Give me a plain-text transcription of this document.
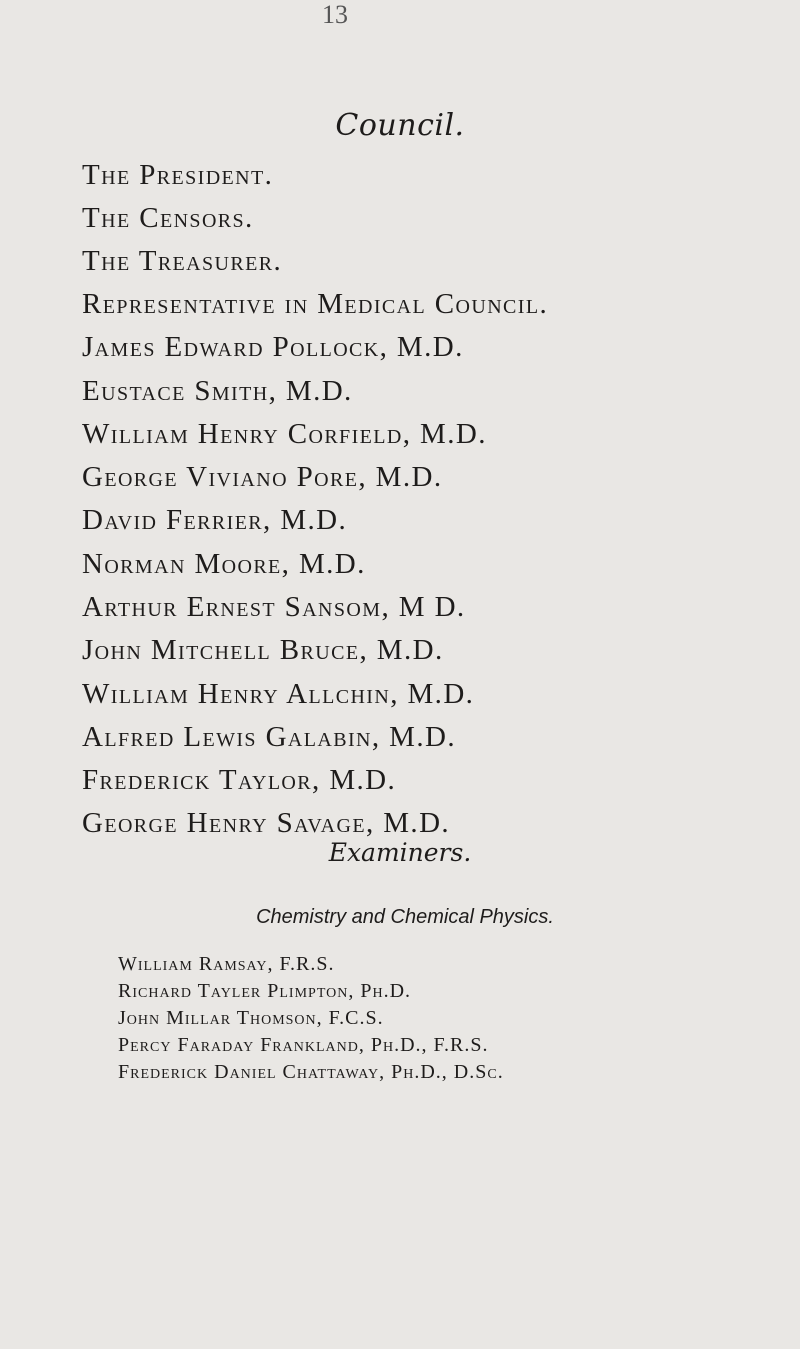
13
Council.
The President.
The Censors.
The Treasurer.
Representative in Medical Council.
James Edward Pollock, M.D.
Eustace Smith, M.D.
William Henry Corfield, M.D.
George Viviano Pore, M.D.
David Ferrier, M.D.
Norman Moore, M.D.
Arthur Ernest Sansom, M D.
John Mitchell Bruce, M.D.
William Henry Allchin, M.D.
Alfred Lewis Galabin, M.D.
Frederick Taylor, M.D.
George Henry Savage, M.D.
Examiners.
Chemistry and Chemical Physics.
William Ramsay, F.R.S.
Richard Tayler Plimpton, Ph.D.
John Millar Thomson, F.C.S.
Percy Faraday Frankland, Ph.D., F.R.S.
Frederick Daniel Chattaway, Ph.D., D.Sc.
